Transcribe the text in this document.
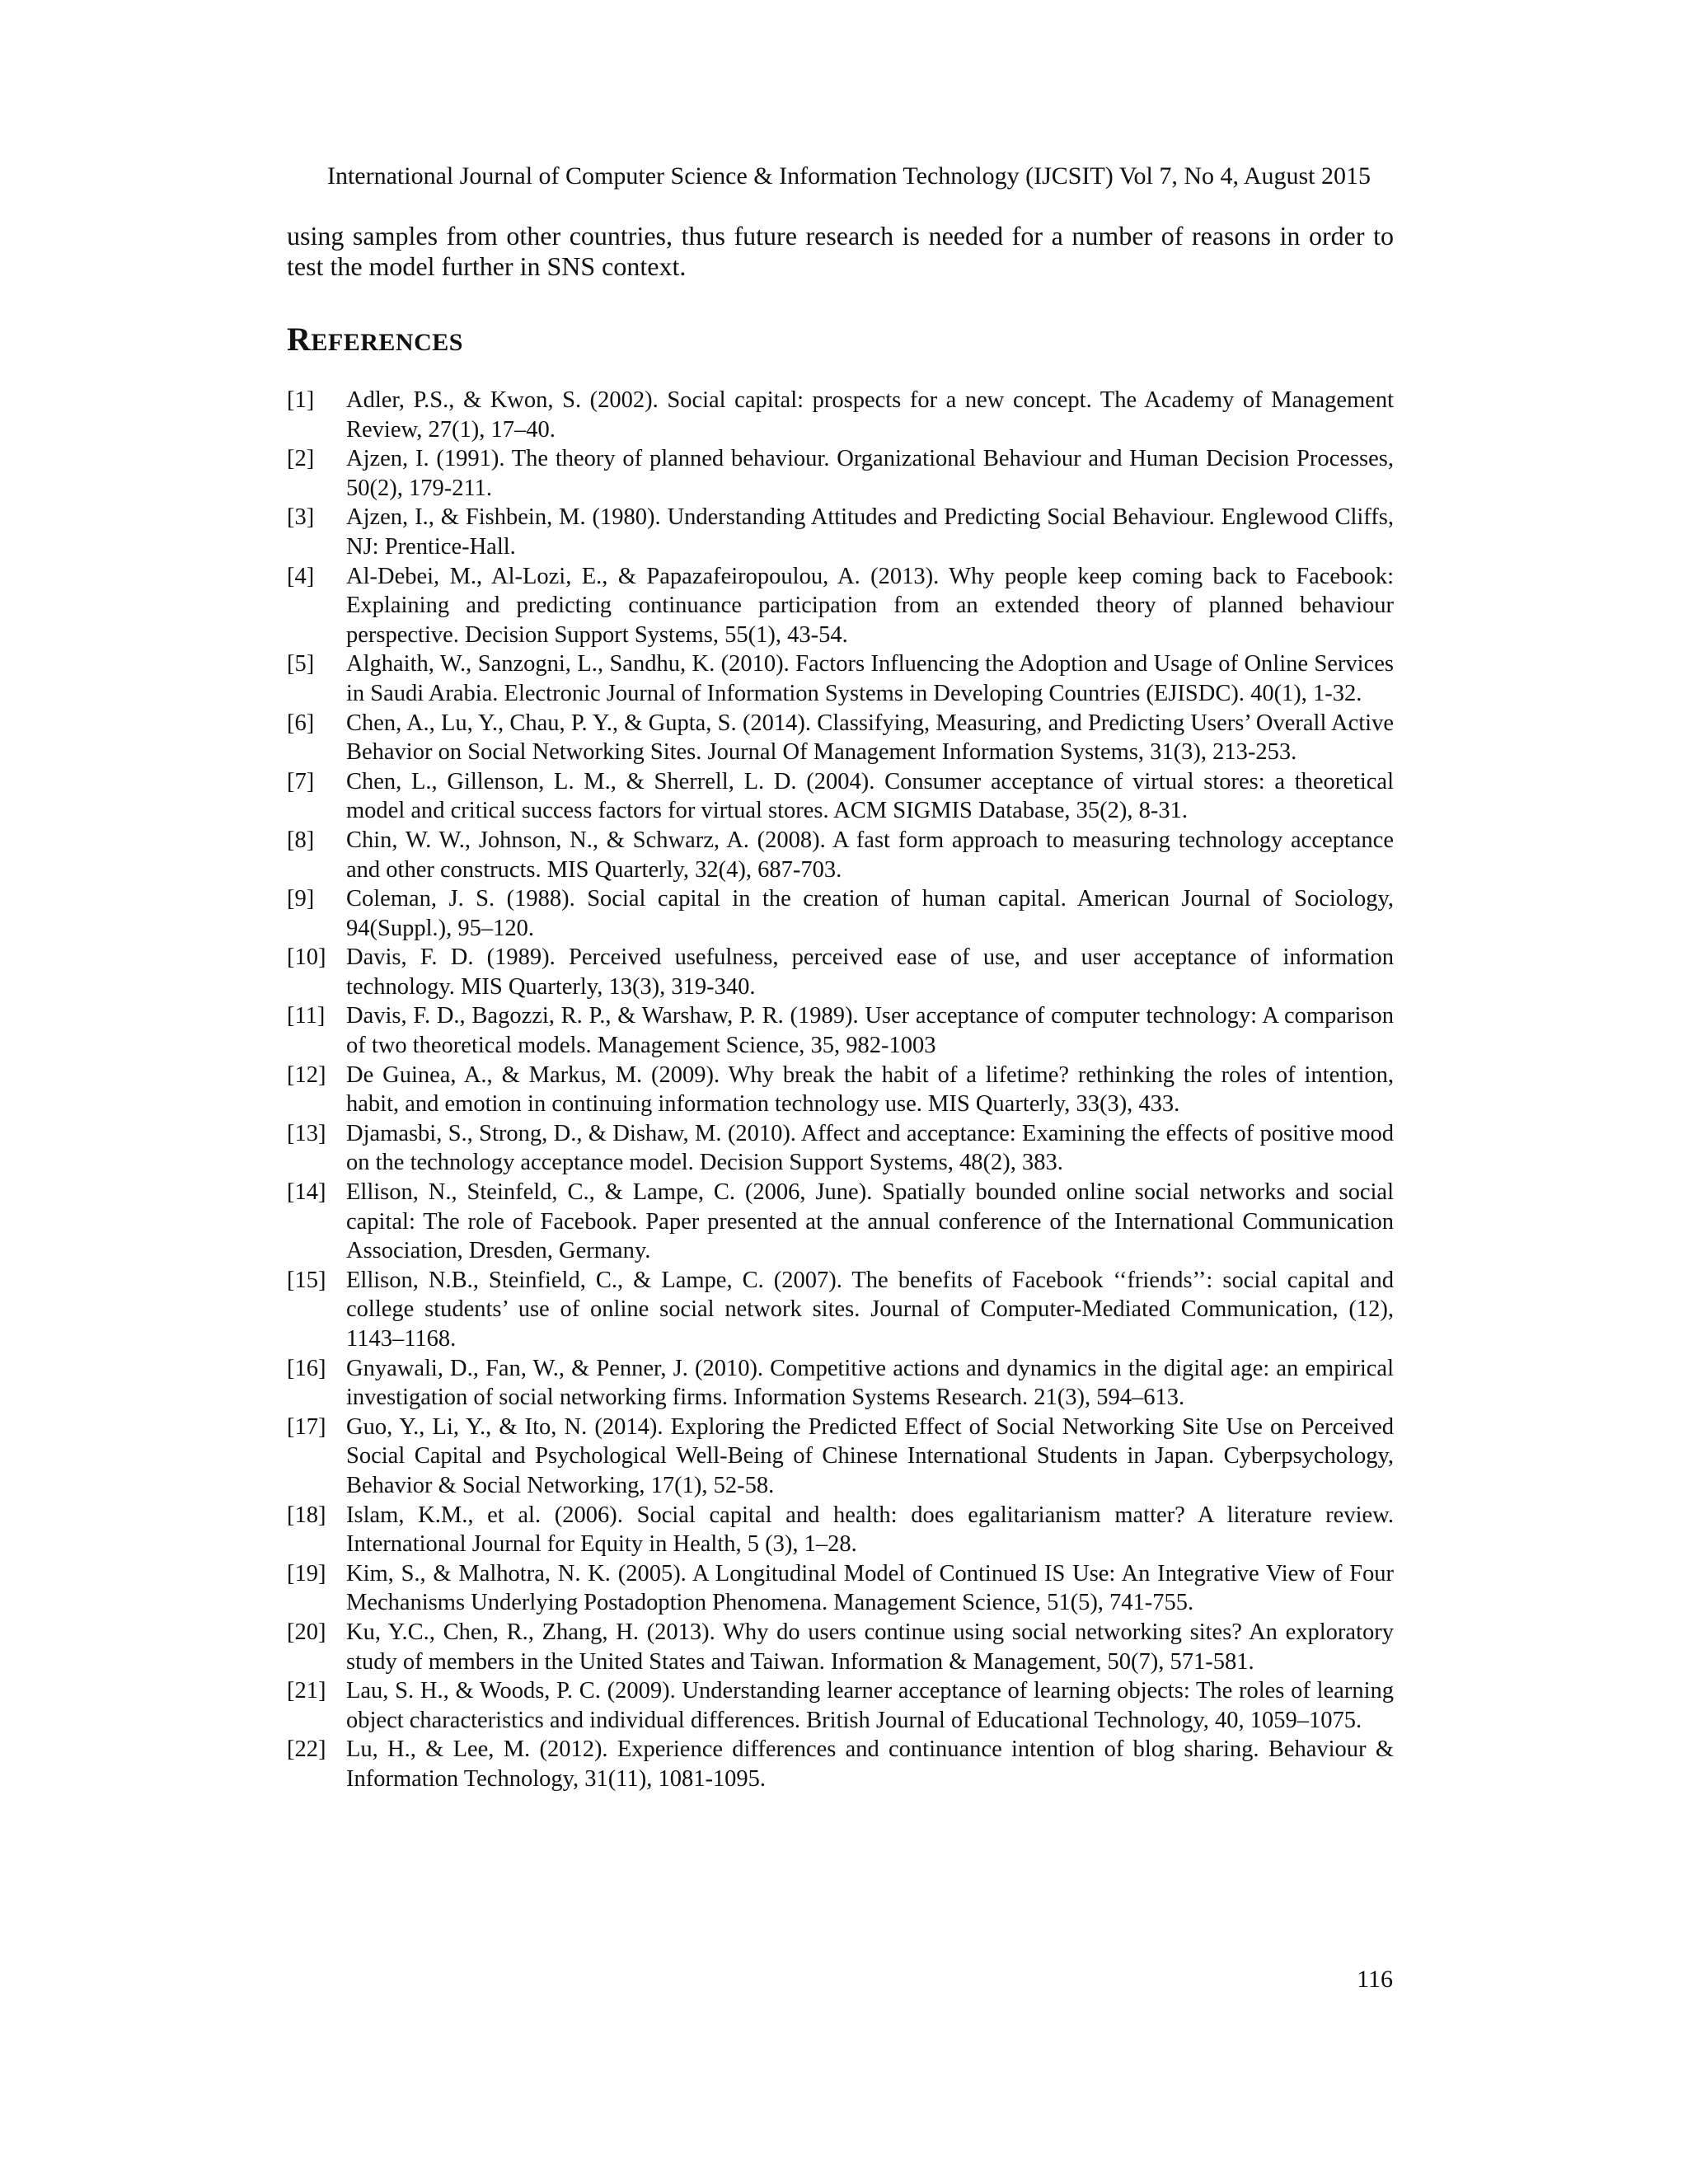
International Journal of Computer Science & Information Technology (IJCSIT) Vol 7, No 4, August 2015

using samples from other countries, thus future research is needed for a number of reasons in order to test the model further in SNS context.

REFERENCES
[1] Adler, P.S., & Kwon, S. (2002). Social capital: prospects for a new concept. The Academy of Management Review, 27(1), 17–40.
[2] Ajzen, I. (1991). The theory of planned behaviour. Organizational Behaviour and Human Decision Processes, 50(2), 179-211.
[3] Ajzen, I., & Fishbein, M. (1980). Understanding Attitudes and Predicting Social Behaviour. Englewood Cliffs, NJ: Prentice-Hall.
[4] Al-Debei, M., Al-Lozi, E., & Papazafeiropoulou, A. (2013). Why people keep coming back to Facebook: Explaining and predicting continuance participation from an extended theory of planned behaviour perspective. Decision Support Systems, 55(1), 43-54.
[5] Alghaith, W., Sanzogni, L., Sandhu, K. (2010). Factors Influencing the Adoption and Usage of Online Services in Saudi Arabia. Electronic Journal of Information Systems in Developing Countries (EJISDC). 40(1), 1-32.
[6] Chen, A., Lu, Y., Chau, P. Y., & Gupta, S. (2014). Classifying, Measuring, and Predicting Users’ Overall Active Behavior on Social Networking Sites. Journal Of Management Information Systems, 31(3), 213-253.
[7] Chen, L., Gillenson, L. M., & Sherrell, L. D. (2004). Consumer acceptance of virtual stores: a theoretical model and critical success factors for virtual stores. ACM SIGMIS Database, 35(2), 8-31.
[8] Chin, W. W., Johnson, N., & Schwarz, A. (2008). A fast form approach to measuring technology acceptance and other constructs. MIS Quarterly, 32(4), 687-703.
[9] Coleman, J. S. (1988). Social capital in the creation of human capital. American Journal of Sociology, 94(Suppl.), 95–120.
[10] Davis, F. D. (1989). Perceived usefulness, perceived ease of use, and user acceptance of information technology. MIS Quarterly, 13(3), 319-340.
[11] Davis, F. D., Bagozzi, R. P., & Warshaw, P. R. (1989). User acceptance of computer technology: A comparison of two theoretical models. Management Science, 35, 982-1003
[12] De Guinea, A., & Markus, M. (2009). Why break the habit of a lifetime? rethinking the roles of intention, habit, and emotion in continuing information technology use. MIS Quarterly, 33(3), 433.
[13] Djamasbi, S., Strong, D., & Dishaw, M. (2010). Affect and acceptance: Examining the effects of positive mood on the technology acceptance model. Decision Support Systems, 48(2), 383.
[14] Ellison, N., Steinfeld, C., & Lampe, C. (2006, June). Spatially bounded online social networks and social capital: The role of Facebook. Paper presented at the annual conference of the International Communication Association, Dresden, Germany.
[15] Ellison, N.B., Steinfield, C., & Lampe, C. (2007). The benefits of Facebook ‘‘friends’’: social capital and college students’ use of online social network sites. Journal of Computer-Mediated Communication, (12), 1143–1168.
[16] Gnyawali, D., Fan, W., & Penner, J. (2010). Competitive actions and dynamics in the digital age: an empirical investigation of social networking firms. Information Systems Research. 21(3), 594–613.
[17] Guo, Y., Li, Y., & Ito, N. (2014). Exploring the Predicted Effect of Social Networking Site Use on Perceived Social Capital and Psychological Well-Being of Chinese International Students in Japan. Cyberpsychology, Behavior & Social Networking, 17(1), 52-58.
[18] Islam, K.M., et al. (2006). Social capital and health: does egalitarianism matter? A literature review. International Journal for Equity in Health, 5 (3), 1–28.
[19] Kim, S., & Malhotra, N. K. (2005). A Longitudinal Model of Continued IS Use: An Integrative View of Four Mechanisms Underlying Postadoption Phenomena. Management Science, 51(5), 741-755.
[20] Ku, Y.C., Chen, R., Zhang, H. (2013). Why do users continue using social networking sites? An exploratory study of members in the United States and Taiwan. Information & Management, 50(7), 571-581.
[21] Lau, S. H., & Woods, P. C. (2009). Understanding learner acceptance of learning objects: The roles of learning object characteristics and individual differences. British Journal of Educational Technology, 40, 1059–1075.
[22] Lu, H., & Lee, M. (2012). Experience differences and continuance intention of blog sharing. Behaviour & Information Technology, 31(11), 1081-1095.
116
